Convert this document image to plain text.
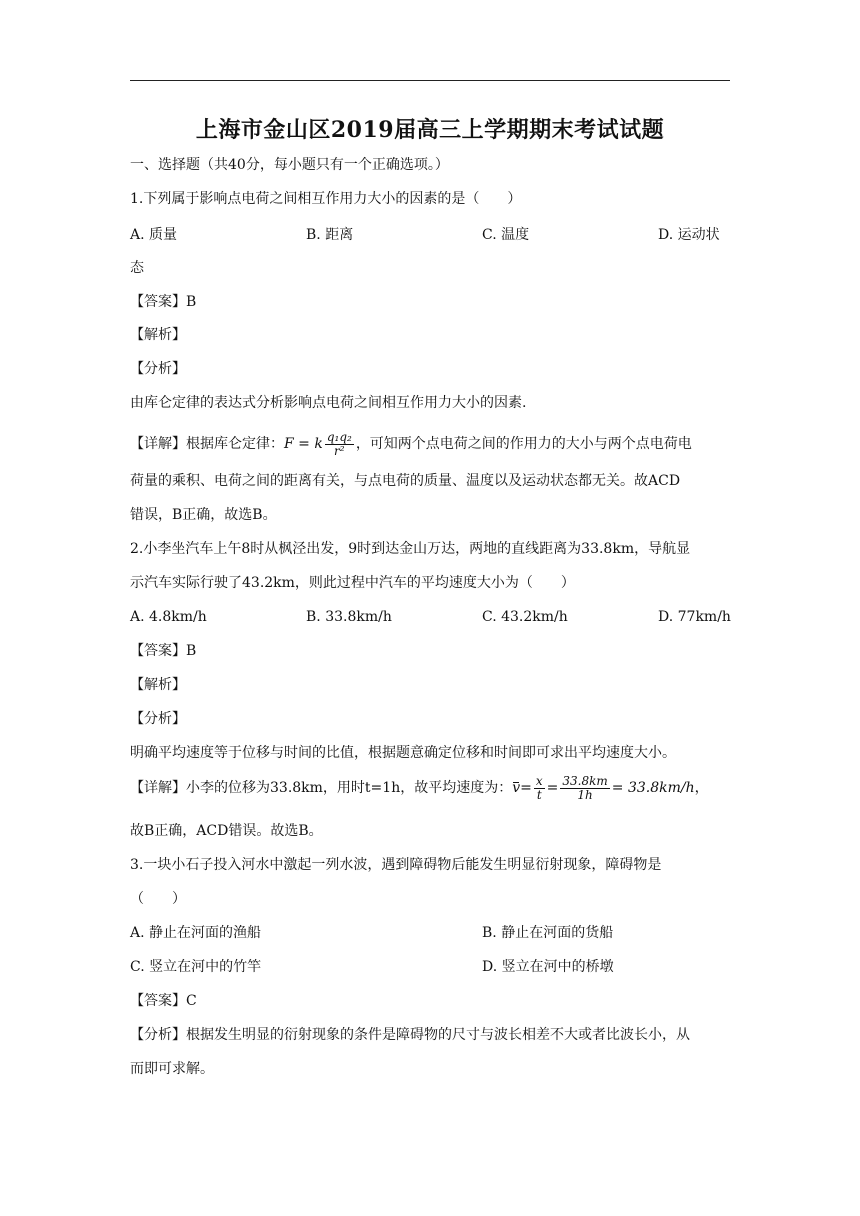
上海市金山区2019届高三上学期期末考试试题
一、选择题（共40分，每小题只有一个正确选项。）
1.下列属于影响点电荷之间相互作用力大小的因素的是（　　）
A. 质量	B. 距离	C. 温度	D. 运动状
态
【答案】B
【解析】
【分析】
由库仑定律的表达式分析影响点电荷之间相互作用力大小的因素.
【详解】根据库仑定律：F = k $\frac{\text{q₁q₂}}{\text{r²}}$ ，可知两个点电荷之间的作用力的大小与两个点电荷电
荷量的乘积、电荷之间的距离有关，与点电荷的质量、温度以及运动状态都无关。故ACD
错误，B正确，故选B。
2.小李坐汽车上午8时从枫泾出发，9时到达金山万达，两地的直线距离为33.8km，导航显
示汽车实际行驶了43.2km，则此过程中汽车的平均速度大小为（　　）
A. 4.8km/h	B. 33.8km/h	C. 43.2km/h	D. 77km/h
【答案】B
【解析】
【分析】
明确平均速度等于位移与时间的比值，根据题意确定位移和时间即可求出平均速度大小。
【详解】小李的位移为33.8km，用时t=1h，故平均速度为：$v= \frac{x}{t} = \frac{33.8km}{1h} = 33.8km/h$，
故B正确，ACD错误。故选B。
3.一块小石子投入河水中激起一列水波，遇到障碍物后能发生明显衍射现象，障碍物是
（　　）
A. 静止在河面的渔船	B. 静止在河面的货船
C. 竖立在河中的竹竿	D. 竖立在河中的桥墩
【答案】C
【分析】根据发生明显的衍射现象的条件是障碍物的尺寸与波长相差不大或者比波长小，从
而即可求解。
